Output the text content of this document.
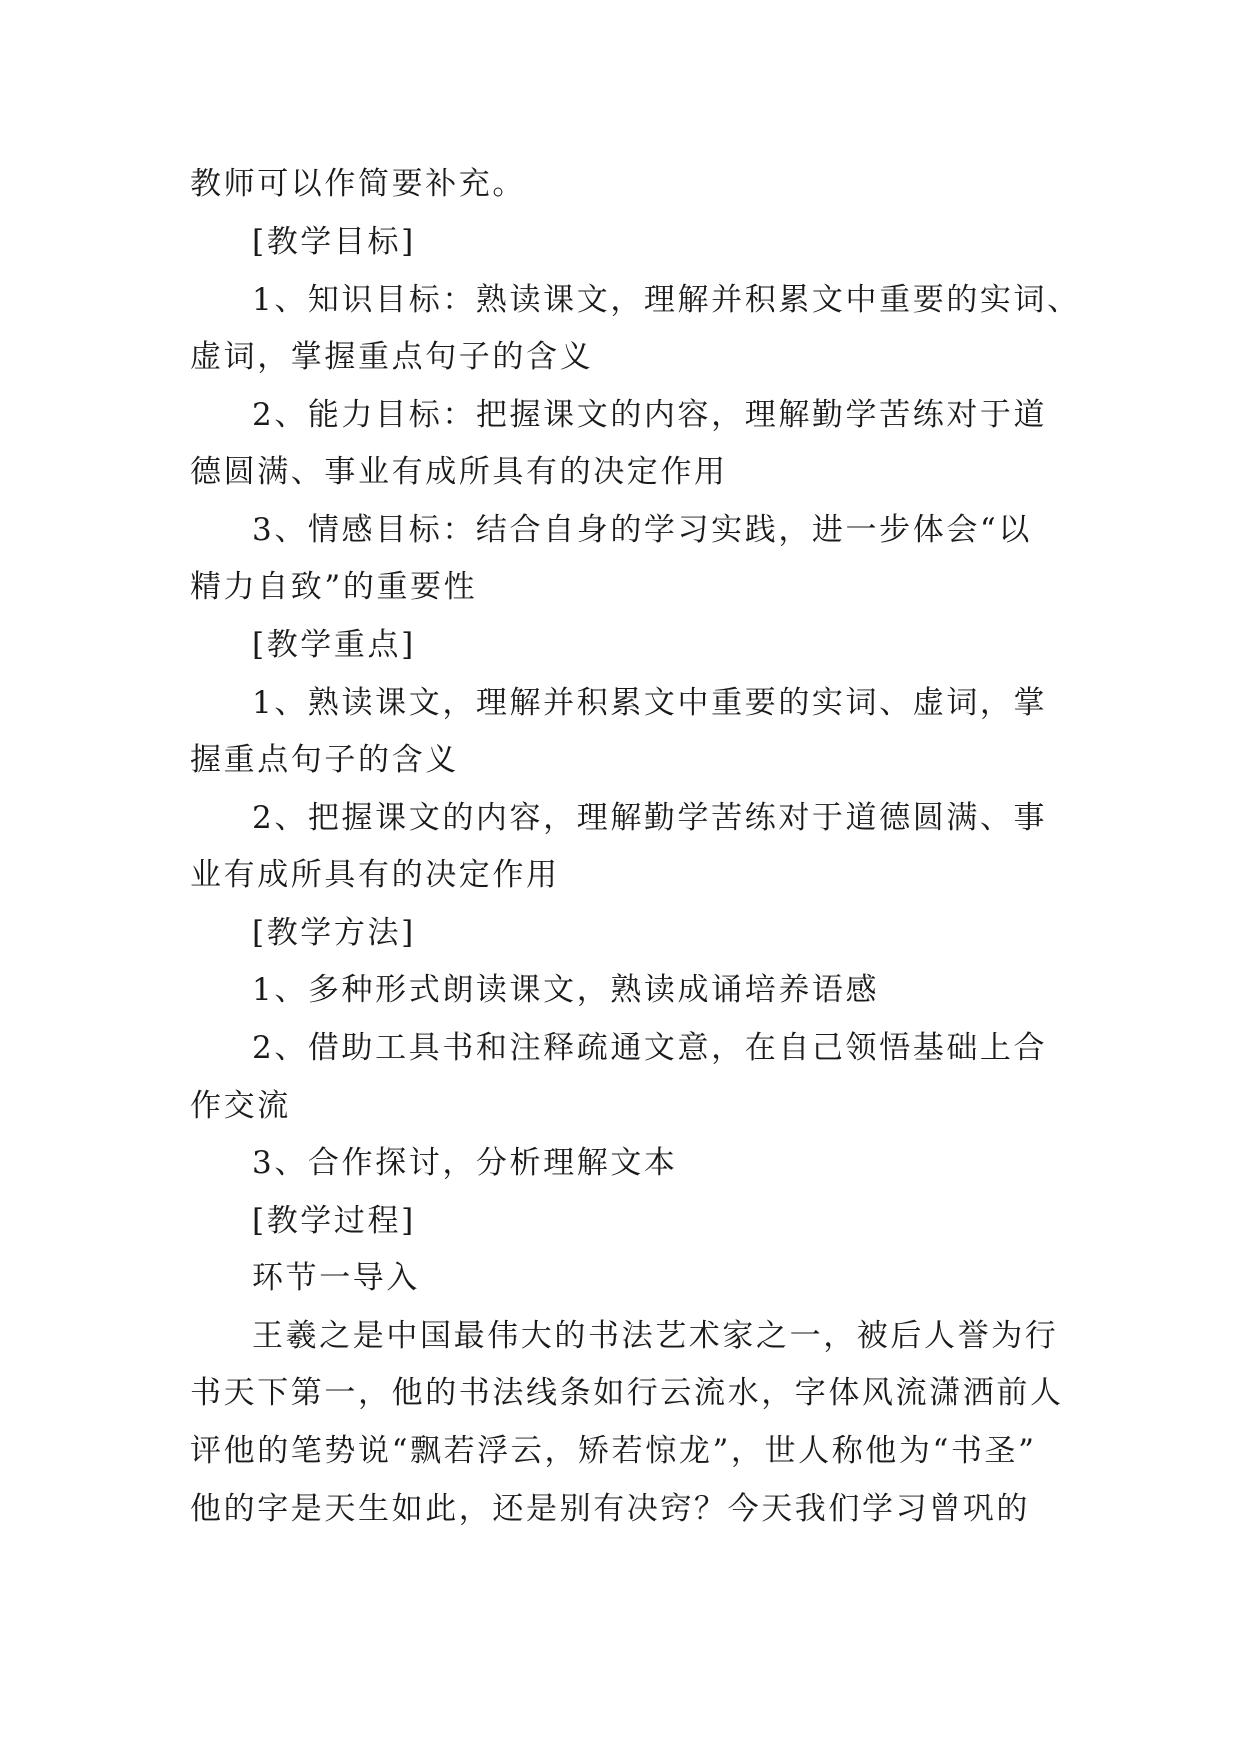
教师可以作简要补充。
[教学目标]
1、知识目标：熟读课文，理解并积累文中重要的实词、
虚词，掌握重点句子的含义
2、能力目标：把握课文的内容，理解勤学苦练对于道
德圆满、事业有成所具有的决定作用
3、情感目标：结合自身的学习实践，进一步体会“以
精力自致”的重要性
[教学重点]
1、熟读课文，理解并积累文中重要的实词、虚词，掌
握重点句子的含义
2、把握课文的内容，理解勤学苦练对于道德圆满、事
业有成所具有的决定作用
[教学方法]
1、多种形式朗读课文，熟读成诵培养语感
2、借助工具书和注释疏通文意，在自己领悟基础上合
作交流
3、合作探讨，分析理解文本
[教学过程]
环节一导入
王羲之是中国最伟大的书法艺术家之一，被后人誉为行
书天下第一，他的书法线条如行云流水，字体风流潇洒前人
评他的笔势说“飘若浮云，矫若惊龙”，世人称他为“书圣”
他的字是天生如此，还是别有决窍？今天我们学习曾巩的
